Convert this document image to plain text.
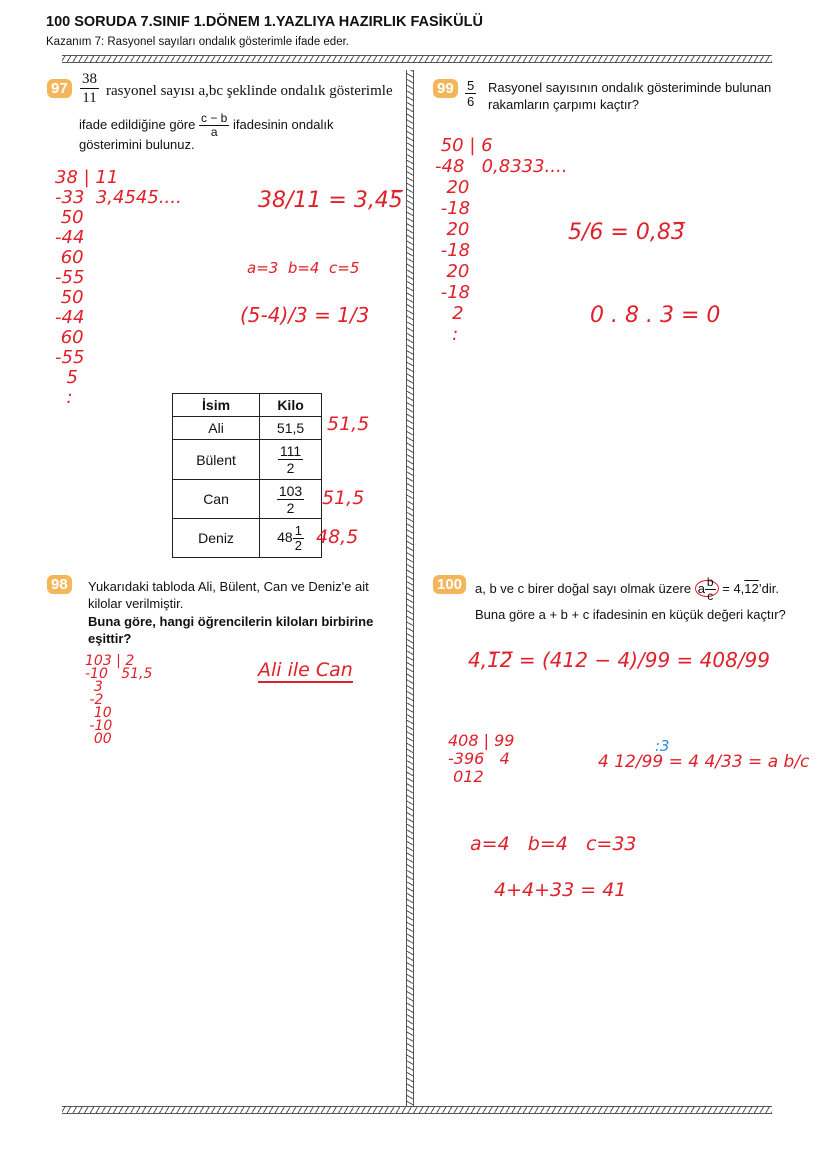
100 SORUDA 7.SINIF 1.DÖNEM 1.YAZLIYA HAZIRLIK FASİKÜLÜ
Kazanım 7: Rasyonel sayıları ondalık gösterimle ifade eder.
$97 \frac{38}{11}$ rasyonel sayısı a,bc şeklinde ondalık gösterimle
ifade edildiğine göre $\frac{c - b}{a}$ ifadesinin ondalık
gösterimini bulunuz.
38 | 11
-33  3,4545....
50
-44
60
-55
50
-44
60
-55
5
:
38/11 = 3,45̅
a=3  b=4  c=5
(5-4)/3 = 1/3
İsim	Kilo
Ali	51,5
Bülent	$\frac{111}{2}$

Can	$\frac{103}{2}$

Deniz	$48 \frac{1}{2}$
51,5
51,5
48,5
98	Yukarıdaki tabloda Ali, Bülent, Can ve Deniz'e ait
kilolar verilmiştir.
Buna göre, hangi öğrencilerin kiloları birbirine
eşittir?
103 | 2
-10   51,5
3
-2
10
-10
00
Ali ile Can
$99 \frac{5}{6}$ Rasyonel sayısının ondalık gösteriminde bulunan
rakamların çarpımı kaçtır?
50 | 6
-48   0,8333....
20
-18
20
-18
20
-18
2
:
5/6 = 0,83̅
0 . 8 . 3 = 0
100 a, b ve c birer doğal sayı olmak üzere a $\frac{b}{c}$ = 4,12’dir.
Buna göre a + b + c ifadesinin en küçük değeri kaçtır?
4,1̅2̅ = (412 − 4)/99 = 408/99
408 | 99
-396   4
012
4 12/99 = 4 4/33 = a b/c
:3
a=4   b=4   c=33
4+4+33 = 41
